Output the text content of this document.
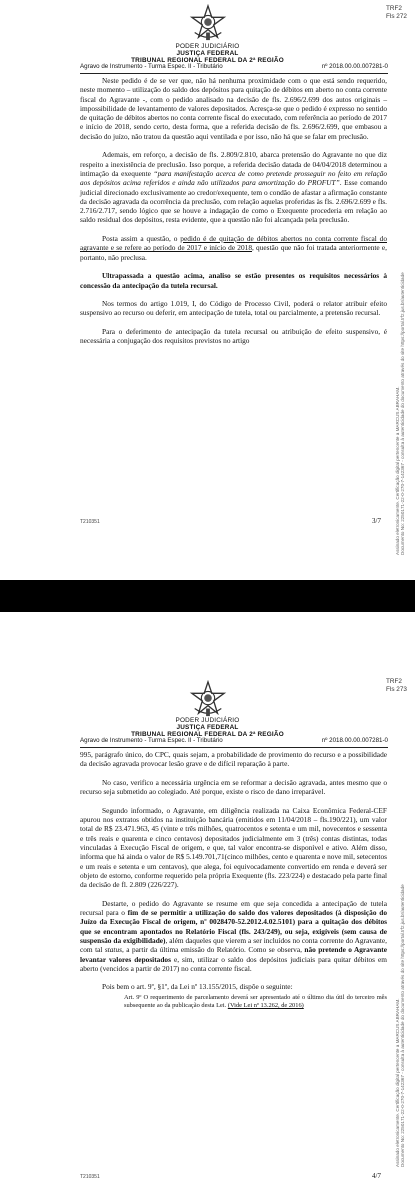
PODER JUDICIÁRIO
JUSTIÇA FEDERAL
TRIBUNAL REGIONAL FEDERAL DA 2ª REGIÃO
Agravo de Instrumento - Turma Espec. II - Tributário	nº 2018.00.00.007281-0
TRF2
Fls 272
Assinado eletronicamente. Certificação digital pertencente a MARCUS ABRAHAM. Documento No: 2250171-22-0-270-7-142367 - consulta à autenticidade do documento através do site https://portal.trf2.jus.br/autenticidade

Neste pedido é de se ver que, não há nenhuma proximidade com o que está sendo requerido, neste momento – utilização do saldo dos depósitos para quitação de débitos em aberto no conta corrente fiscal do Agravante -, com o pedido analisado na decisão de fls. 2.696/2.699 dos autos originais – impossibilidade de levantamento de valores depositados. Acresça-se que o pedido é expresso no sentido de quitação de débitos abertos no conta corrente fiscal do executado, com referência ao período de 2017 e início de 2018, sendo certo, desta forma, que a referida decisão de fls. 2.696/2.699, que embasou a decisão do juízo, não tratou da questão aqui ventilada e por isso, não há que se falar em preclusão.

Ademais, em reforço, a decisão de fls. 2.809/2.810, abarca pretensão do Agravante no que diz respeito a inexistência de preclusão. Isso porque, a referida decisão datada de 04/04/2018 determinou a intimação da exequente “para manifestação acerca de como pretende prosseguir no feito em relação aos depósitos acima referidos e ainda não utilizados para amortização do PROFUT”. Esse comando judicial direcionado exclusivamente ao credor/exequente, tem o condão de afastar a afirmação constante da decisão agravada da ocorrência da preclusão, com relação aquelas proferidas às fls. 2.696/2.699 e fls. 2.716/2.717, sendo lógico que se houve a indagação de como o Exequente procederia em relação ao saldo residual dos depósitos, resta evidente, que a questão não foi alcançada pela preclusão.

Posta assim a questão, o pedido é de quitação de débitos abertos no conta corrente fiscal do agravante e se refere ao período de 2017 e início de 2018, questão que não foi tratada anteriormente e, portanto, não preclusa.

Ultrapassada a questão acima, analiso se estão presentes os requisitos necessários à concessão da antecipação da tutela recursal.

Nos termos do artigo 1.019, I, do Código de Processo Civil, poderá o relator atribuir efeito suspensivo ao recurso ou deferir, em antecipação de tutela, total ou parcialmente, a pretensão recursal.

Para o deferimento de antecipação da tutela recursal ou atribuição de efeito suspensivo, é necessária a conjugação dos requisitos previstos no artigo

T210351	3/7
PODER JUDICIÁRIO
JUSTIÇA FEDERAL
TRIBUNAL REGIONAL FEDERAL DA 2ª REGIÃO
Agravo de Instrumento - Turma Espec. II - Tributário	nº 2018.00.00.007281-0
TRF2
Fls 273
Assinado eletronicamente. Certificação digital pertencente a MARCUS ABRAHAM. Documento No: 2250171-22-0-270-7-142367 - consulta à autenticidade do documento através do site https://portal.trf2.jus.br/autenticidade

995, parágrafo único, do CPC, quais sejam, a probabilidade de provimento do recurso e a possibilidade da decisão agravada provocar lesão grave e de difícil reparação à parte.

No caso, verifico a necessária urgência em se reformar a decisão agravada, antes mesmo que o recurso seja submetido ao colegiado. Até porque, existe o risco de dano irreparável.

Segundo informado, o Agravante, em diligência realizada na Caixa Econômica Federal-CEF apurou nos extratos obtidos na instituição bancária (emitidos em 11/04/2018 – fls.190/221), um valor total de R$ 23.471.963, 45 (vinte e três milhões, quatrocentos e setenta e um mil, novecentos e sessenta e três reais e quarenta e cinco centavos) depositados judicialmente em 3 (três) contas distintas, todas vinculadas à Execução Fiscal de origem, e que, tal valor encontra-se disponível e ativo. Além disso, informa que há ainda o valor de R$ 5.149.701,71(cinco milhões, cento e quarenta e nove mil, setecentos e um reais e setenta e um centavos), que alega, foi equivocadamente convertido em renda e deverá ser objeto de estorno, conforme requerido pela própria Exequente (fls. 223/224) e destacado pela parte final da decisão de fl. 2.809 (226/227).

Destarte, o pedido do Agravante se resume em que seja concedida a antecipação de tutela recursal para o fim de se permitir a utilização do saldo dos valores depositados (à disposição do Juízo da Execução Fiscal de origem, nº 0028470-52.2012.4.02.5101) para a quitação dos débitos que se encontram apontados no Relatório Fiscal (fls. 243/249), ou seja, exigíveis (sem causa de suspensão da exigibilidade), além daqueles que vierem a ser incluídos no conta corrente do Agravante, com tal status, a partir da última emissão do Relatório. Como se observa, não pretende o Agravante levantar valores depositados e, sim, utilizar o saldo dos depósitos judiciais para quitar débitos em aberto (vencidos a partir de 2017) no conta corrente fiscal.

Pois bem o art. 9º, §1º, da Lei nº 13.155/2015, dispõe o seguinte:

Art. 9º O requerimento de parcelamento deverá ser apresentado até o último dia útil do terceiro mês subsequente ao da publicação desta Lei. (Vide Lei nº 13.262, de 2016)
T210351	4/7
